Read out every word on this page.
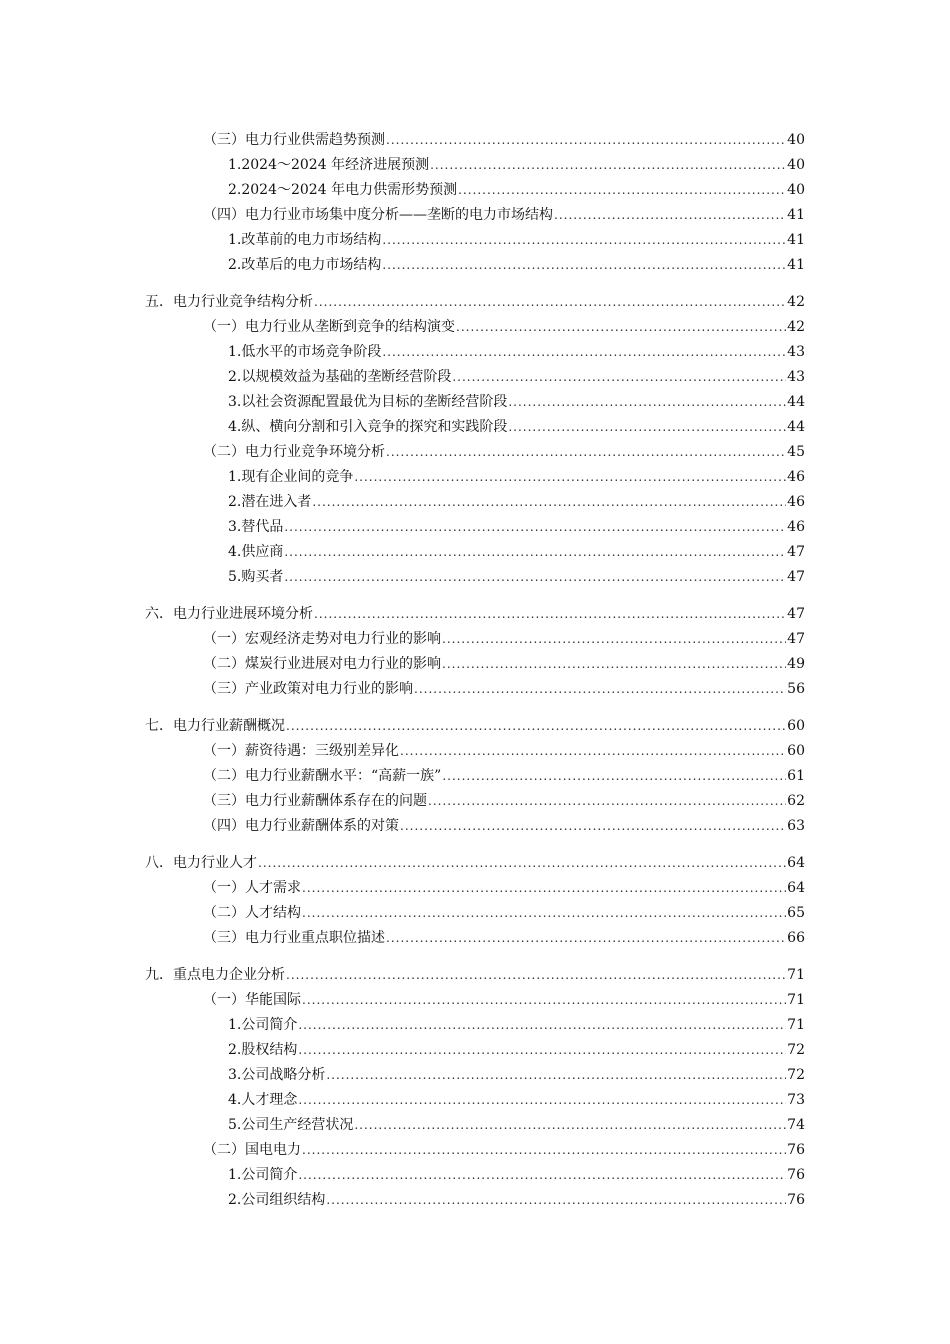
（三）电力行业供需趋势预测 .....	40
1.2024～2024 年经济进展预测 .....	40
2.2024～2024 年电力供需形势预测 .....	40
（四）电力行业市场集中度分析——垄断的电力市场结构 .....	41
1.改革前的电力市场结构 .....	41
2.改革后的电力市场结构 .....	41
五．电力行业竞争结构分析 .....	42
（一）电力行业从垄断到竞争的结构演变 .....	42
1.低水平的市场竞争阶段 .....	43
2.以规模效益为基础的垄断经营阶段 .....	43
3.以社会资源配置最优为目标的垄断经营阶段 .....	44
4.纵、横向分割和引入竞争的探究和实践阶段 .....	44
（二）电力行业竞争环境分析 .....	45
1.现有企业间的竞争 .....	46
2.潜在进入者 .....	46
3.替代品 .....	46
4.供应商 .....	47
5.购买者 .....	47
六．电力行业进展环境分析 .....	47
（一）宏观经济走势对电力行业的影响 .....	47
（二）煤炭行业进展对电力行业的影响 .....	49
（三）产业政策对电力行业的影响 .....	56
七．电力行业薪酬概况 .....	60
（一）薪资待遇：三级别差异化 .....	60
（二）电力行业薪酬水平：“高薪一族” .....	61
（三）电力行业薪酬体系存在的问题 .....	62
（四）电力行业薪酬体系的对策 .....	63
八．电力行业人才 .....	64
（一）人才需求 .....	64
（二）人才结构 .....	65
（三）电力行业重点职位描述 .....	66
九．重点电力企业分析 .....	71
（一）华能国际 .....	71
1.公司简介 .....	71
2.股权结构 .....	72
3.公司战略分析 .....	72
4.人才理念 .....	73
5.公司生产经营状况 .....	74
（二）国电电力 .....	76
1.公司简介 .....	76
2.公司组织结构 .....	76
